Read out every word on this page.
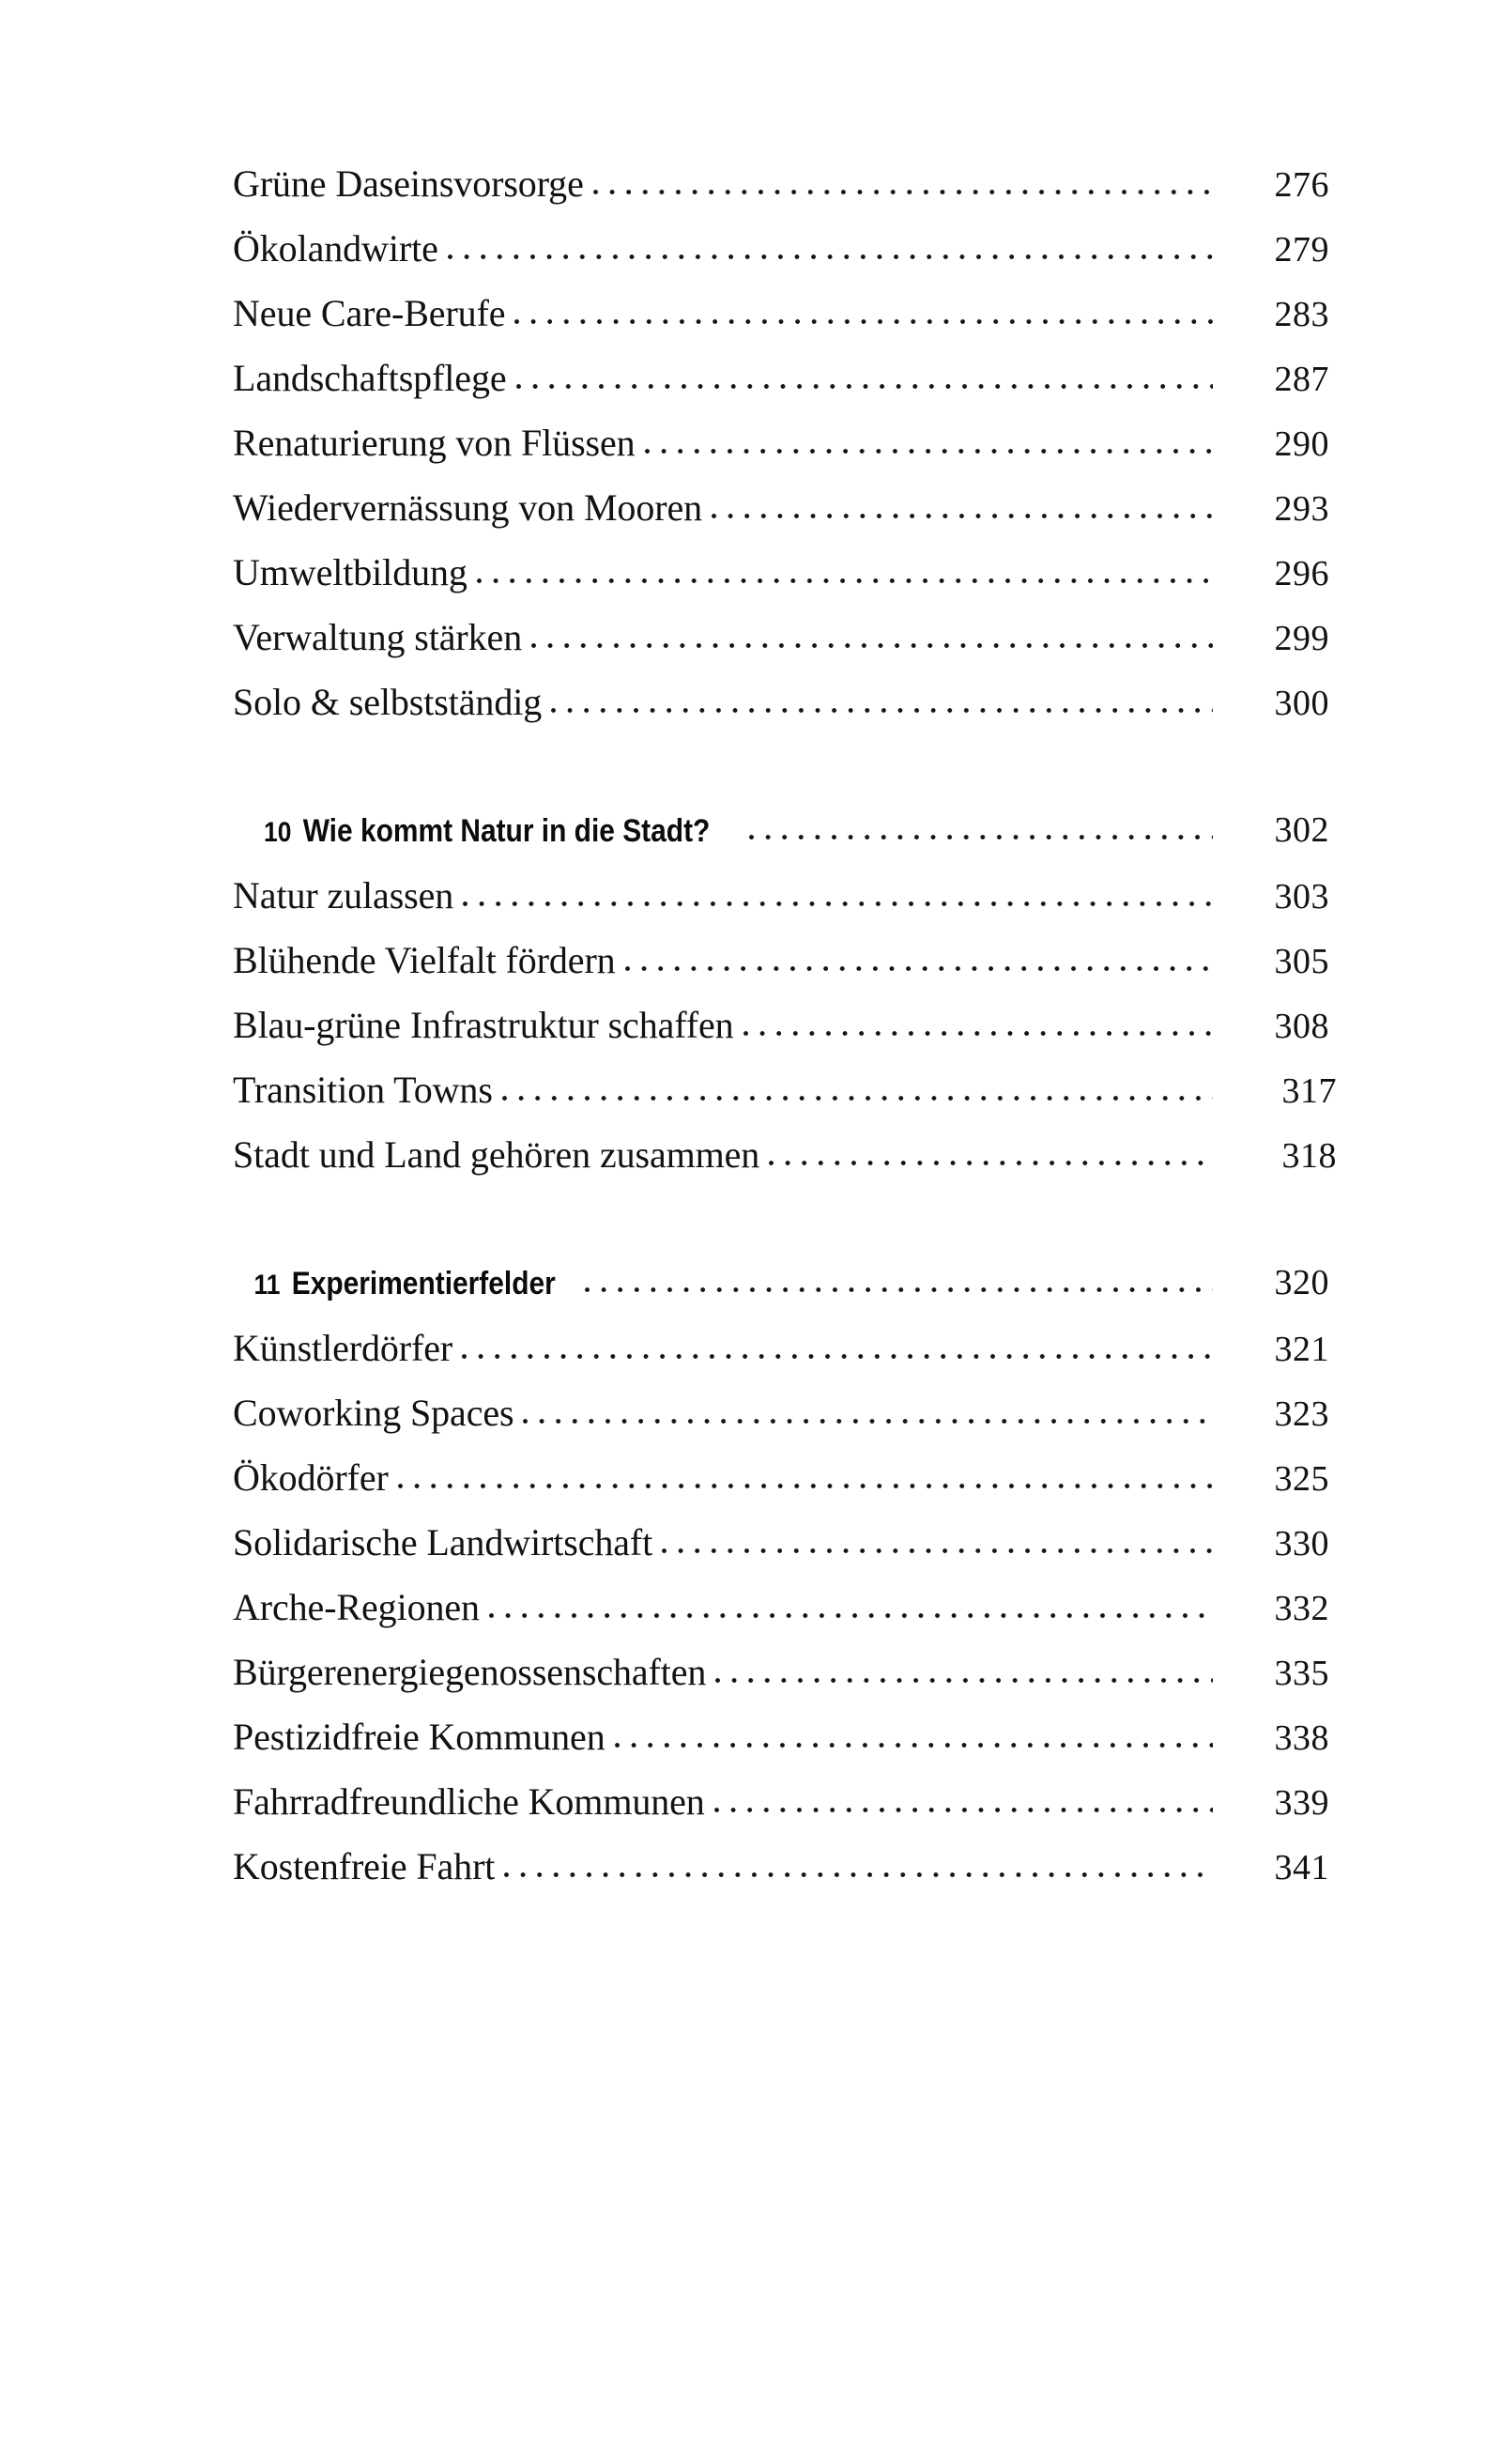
Grüne Daseinsvorsorge	276
Ökolandwirte	279
Neue Care-Berufe	283
Landschaftspflege	287
Renaturierung von Flüssen	290
Wiedervernässung von Mooren	293
Umweltbildung	296
Verwaltung stärken	299
Solo & selbstständig	300
10 Wie kommt Natur in die Stadt?	302
Natur zulassen	303
Blühende Vielfalt fördern	305
Blau-grüne Infrastruktur schaffen	308
Transition Towns	317
Stadt und Land gehören zusammen	318
11 Experimentierfelder	320
Künstlerdörfer	321
Coworking Spaces	323
Ökodörfer	325
Solidarische Landwirtschaft	330
Arche-Regionen	332
Bürgerenergiegenossenschaften	335
Pestizidfreie Kommunen	338
Fahrradfreundliche Kommunen	339
Kostenfreie Fahrt	341
